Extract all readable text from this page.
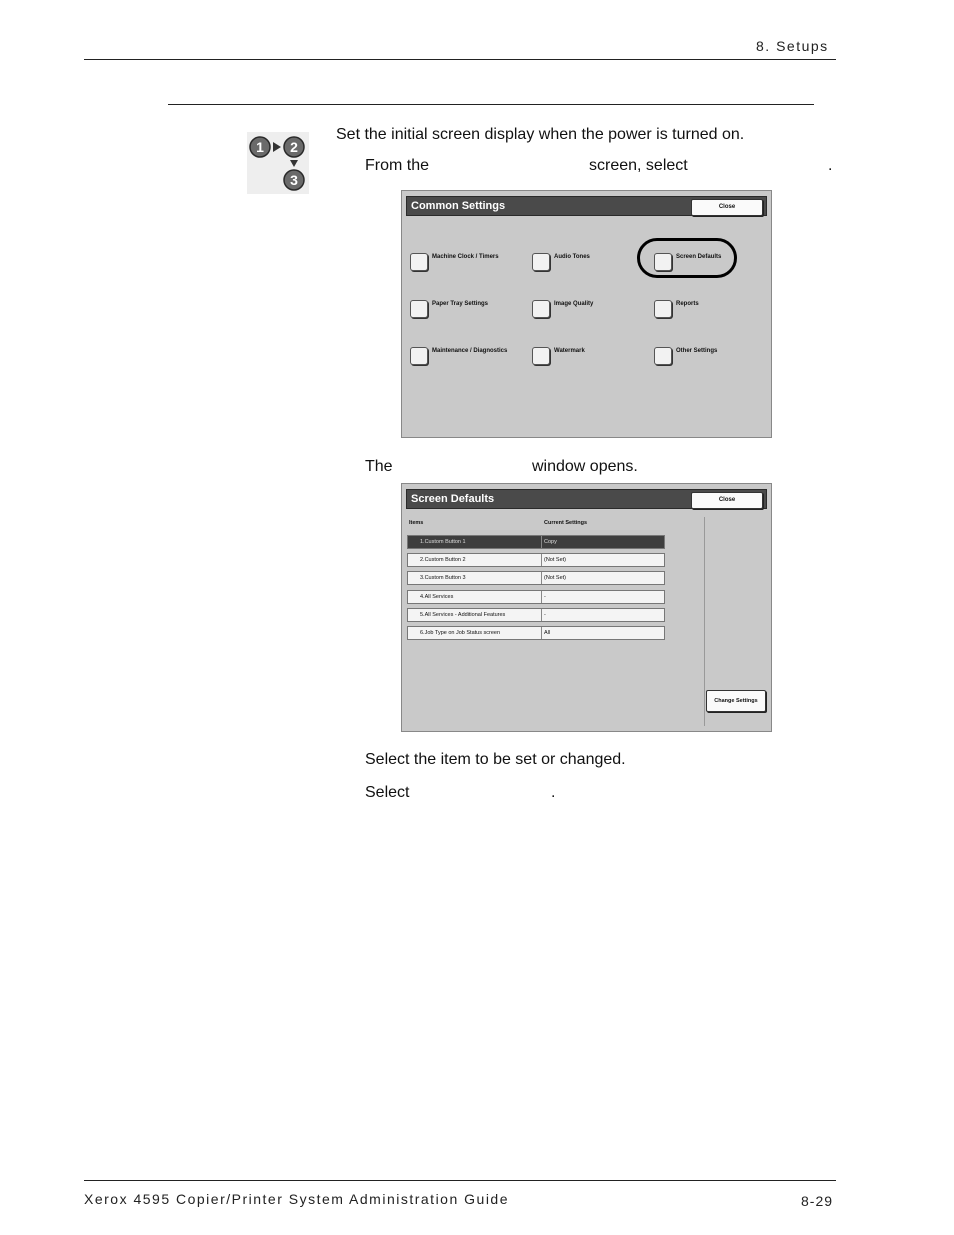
8. Setups
1 2
3
Set the initial screen display when the power is turned on.
From the	screen, select	.
Common Settings	Close
Machine Clock / Timers	Audio Tones	Screen Defaults
Paper Tray Settings	Image Quality	Reports
Maintenance / Diagnostics	Watermark	Other Settings
The	window opens.
Screen Defaults	Close
Items	Current Settings
1.Custom Button 1	Copy
2.Custom Button 2	(Not Set)
3.Custom Button 3	(Not Set)
4.All Services	-
5.All Services - Additional Features	-
6.Job Type on Job Status screen	All
Change Settings
Select the item to be set or changed.
Select	.
Xerox 4595 Copier/Printer System Administration Guide	8-29
